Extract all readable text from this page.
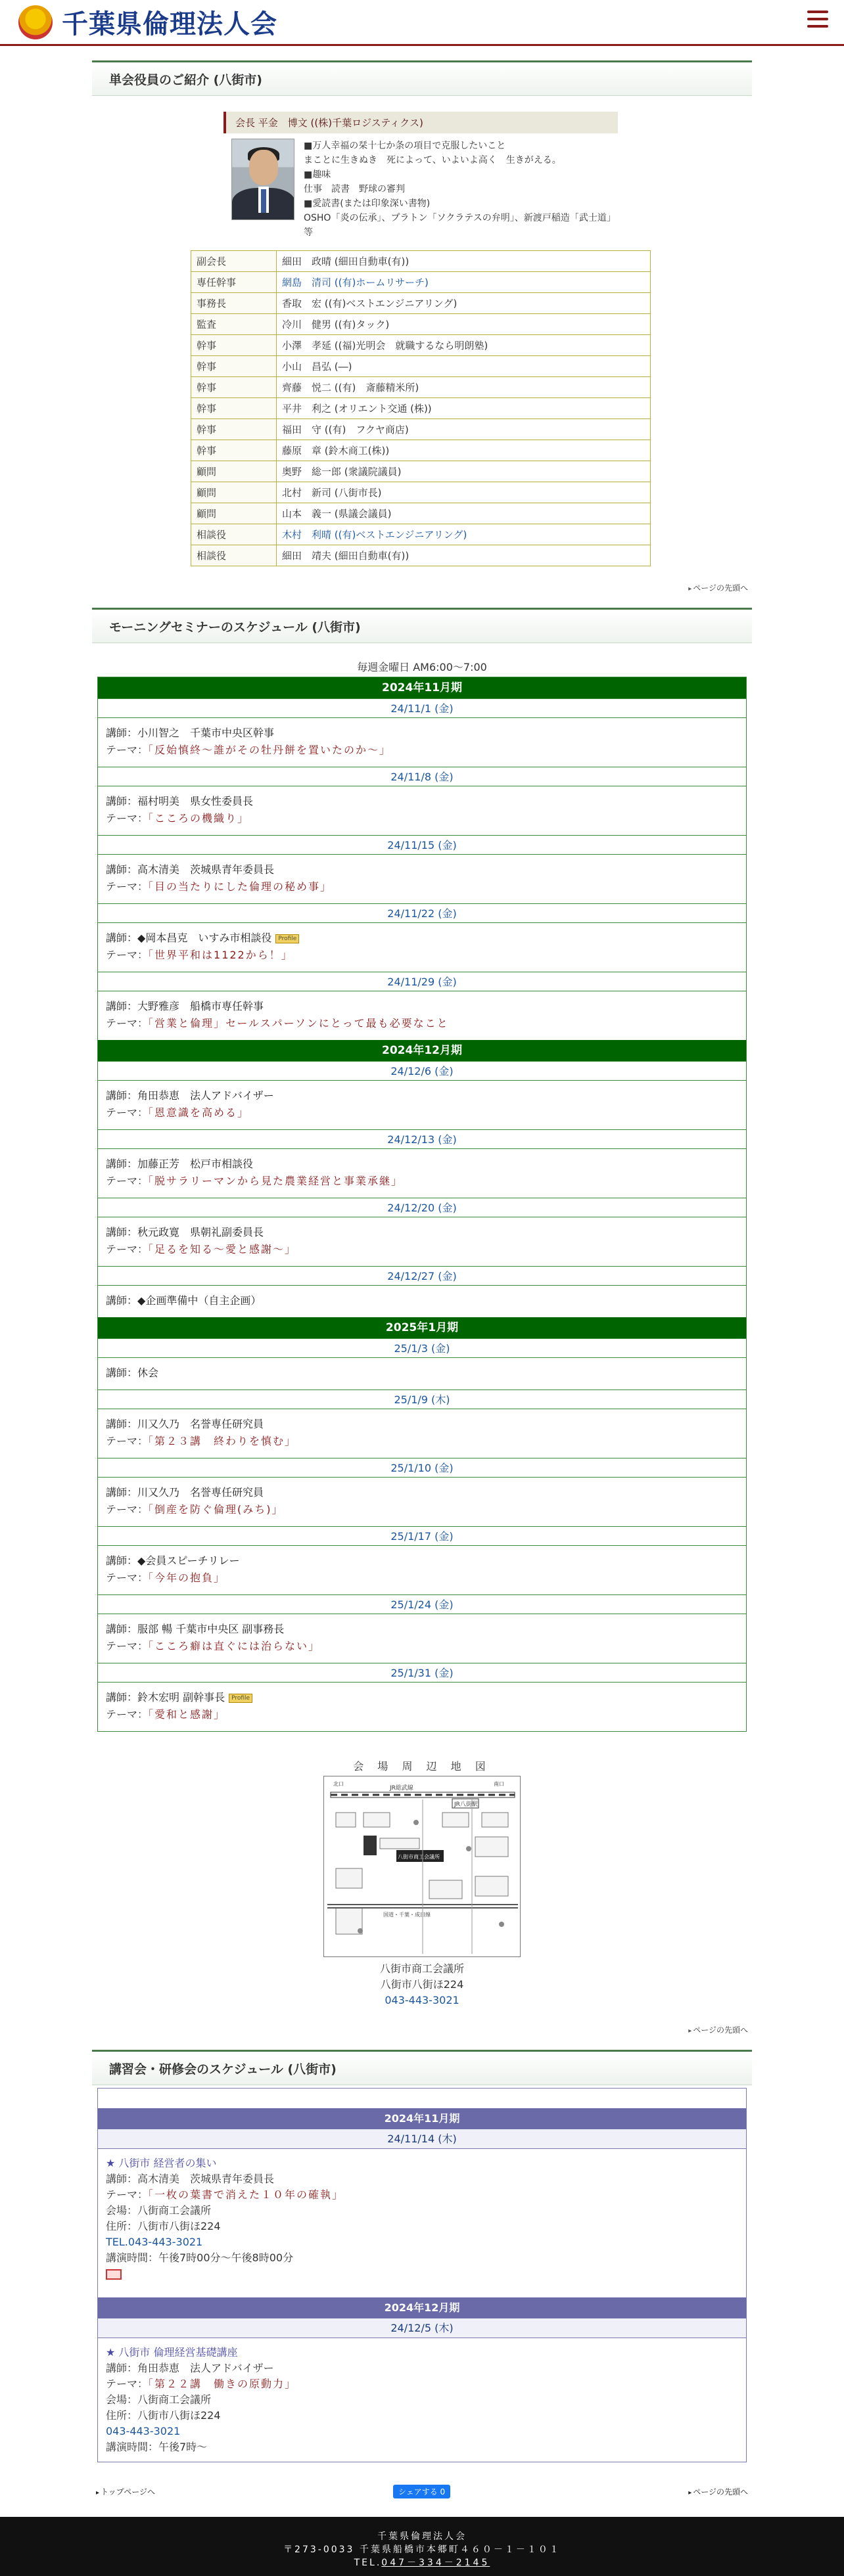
千葉県倫理法人会
単会役員のご紹介 (八街市)
会長 平金　博文 ((株)千葉ロジスティクス)
■万人幸福の栞十七か条の項目で克服したいこと
まことに生きぬき　死によって、いよいよ高く　生きがえる。
■趣味
仕事　読書　野球の審判
■愛読書(または印象深い書物)
OSHO「炎の伝承」、プラトン「ソクラテスの弁明」、新渡戸稲造「武士道」等
副会長	細田　政晴 (細田自動車(有))
専任幹事	網島　清司 ((有)ホームリサーチ)
事務長	香取　宏 ((有)ベストエンジニアリング)
監査	冷川　健男 ((有)タック)
幹事	小澤　孝延 ((福)光明会　就職するなら明朗塾)
幹事	小山　昌弘 (―)
幹事	齊藤　悦二 ((有)　斎藤精米所)
幹事	平井　利之 (オリエント交通 (株))
幹事	福田　守 ((有)　フクヤ商店)
幹事	藤原　章 (鈴木商工(株))
顧問	奥野　総一郎 (衆議院議員)
顧問	北村　新司 (八街市長)
顧問	山本　義一 (県議会議員)
相談役	木村　利晴 ((有)ベストエンジニアリング)
相談役	細田　靖夫 (細田自動車(有))
▸ ページの先頭へ
モーニングセミナーのスケジュール (八街市)
毎週金曜日 AM6:00〜7:00
2024年11月期
24/11/1 (金)
講師：小川智之　千葉市中央区幹事
テーマ：「反始慎終〜誰がその牡丹餅を置いたのか〜」
24/11/8 (金)
講師：福村明美　県女性委員長
テーマ：「こころの機織り」
24/11/15 (金)
講師：高木清美　茨城県青年委員長
テーマ：「目の当たりにした倫理の秘め事」
24/11/22 (金)
講師：◆岡本昌克　いすみ市相談役 Profile
テーマ：「世界平和は1122から！」
24/11/29 (金)
講師：大野雅彦　船橋市専任幹事
テーマ：「営業と倫理」セールスパーソンにとって最も必要なこと
2024年12月期
24/12/6 (金)
講師：角田恭恵　法人アドバイザー
テーマ：「恩意識を高める」
24/12/13 (金)
講師：加藤正芳　松戸市相談役
テーマ：「脱サラリーマンから見た農業経営と事業承継」
24/12/20 (金)
講師：秋元政寛　県朝礼副委員長
テーマ：「足るを知る〜愛と感謝〜」
24/12/27 (金)
講師：◆企画準備中（自主企画）
2025年1月期
25/1/3 (金)
講師：休会
25/1/9 (木)
講師：川又久乃　名誉専任研究員
テーマ：「第２３講　終わりを慎む」
25/1/10 (金)
講師：川又久乃　名誉専任研究員
テーマ：「倒産を防ぐ倫理(みち)」
25/1/17 (金)
講師：◆会員スピーチリレー
テーマ：「今年の抱負」
25/1/24 (金)
講師：服部 暢 千葉市中央区 副事務長
テーマ：「こころ癖は直ぐには治らない」
25/1/31 (金)
講師：鈴木宏明 副幹事長 Profile
テーマ：「愛和と感謝」
会 場 周 辺 地 図
JR総武線
JR八街駅
北口	南口
八街市商工会議所
国道・千葉・成田線
八街市商工会議所
八街市八街ほ224
043-443-3021
▸ ページの先頭へ
講習会・研修会のスケジュール (八街市)
2024年11月期
24/11/14 (木)
★ 八街市 経営者の集い
講師：高木清美　茨城県青年委員長
テーマ：「一枚の葉書で消えた１０年の確執」
会場：八街商工会議所
住所：八街市八街ほ224
TEL.043-443-3021
講演時間：午後7時00分〜午後8時00分
2024年12月期
24/12/5 (木)
★ 八街市 倫理経営基礎講座
講師：角田恭恵　法人アドバイザー
テーマ：「第２２講　働きの原動力」
会場：八街商工会議所
住所：八街市八街ほ224
043-443-3021
講演時間：午後7時〜
▸ トップページへ	シェアする 0	▸ ページの先頭へ
千葉県倫理法人会
〒273-0033 千葉県船橋市本郷町４６０－１－１０１
TEL.047－334－2145
